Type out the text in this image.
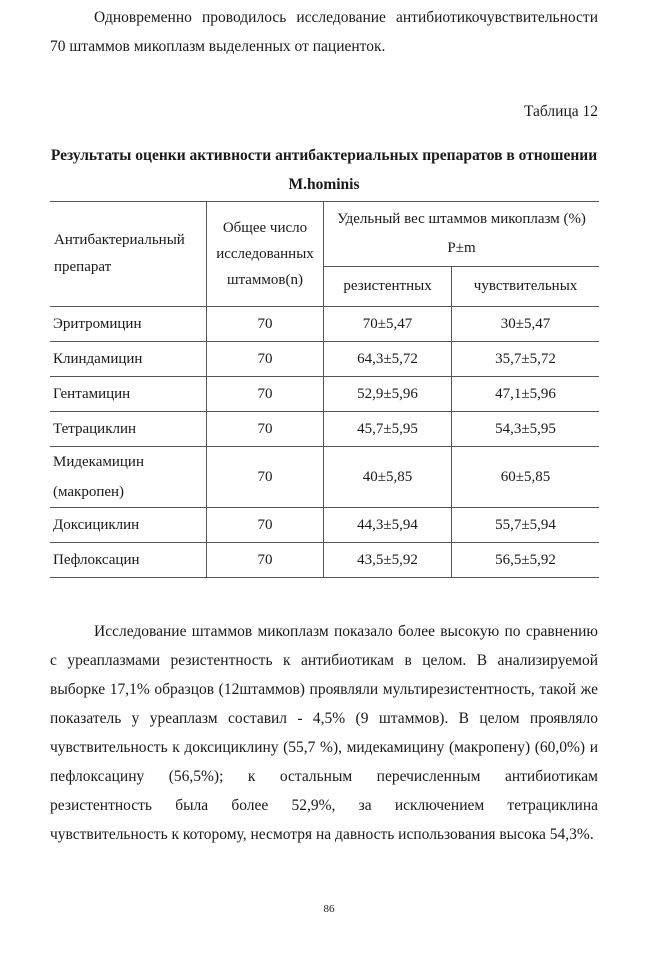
Одновременно проводилось исследование антибиотикочувствительности 70 штаммов микоплазм выделенных от пациенток.

Таблица 12
Результаты оценки активности антибактериальных препаратов в отношении M.hominis
Антибактериальный препарат	Общее число исследованных штаммов(n)	Удельный вес штаммов микоплазм (%) P±m	
		резистентных	чувствительных
Эритромицин	70	70±5,47	30±5,47
Клиндамицин	70	64,3±5,72	35,7±5,72
Гентамицин	70	52,9±5,96	47,1±5,96
Тетрациклин	70	45,7±5,95	54,3±5,95
Мидекамицин (макропен)	70	40±5,85	60±5,85
Доксициклин	70	44,3±5,94	55,7±5,94
Пефлоксацин	70	43,5±5,92	56,5±5,92

Исследование штаммов микоплазм показало более высокую по сравнению с уреаплазмами резистентность к антибиотикам в целом. В анализируемой выборке 17,1% образцов (12штаммов) проявляли мультирезистентность, такой же показатель у уреаплазм составил - 4,5% (9 штаммов). В целом проявляло чувствительность к доксициклину (55,7 %), мидекамицину (макропену) (60,0%) и пефлоксацину (56,5%); к остальным перечисленным антибиотикам резистентность была более 52,9%, за исключением тетрациклина чувствительность к которому, несмотря на давность использования высока 54,3%.

86
